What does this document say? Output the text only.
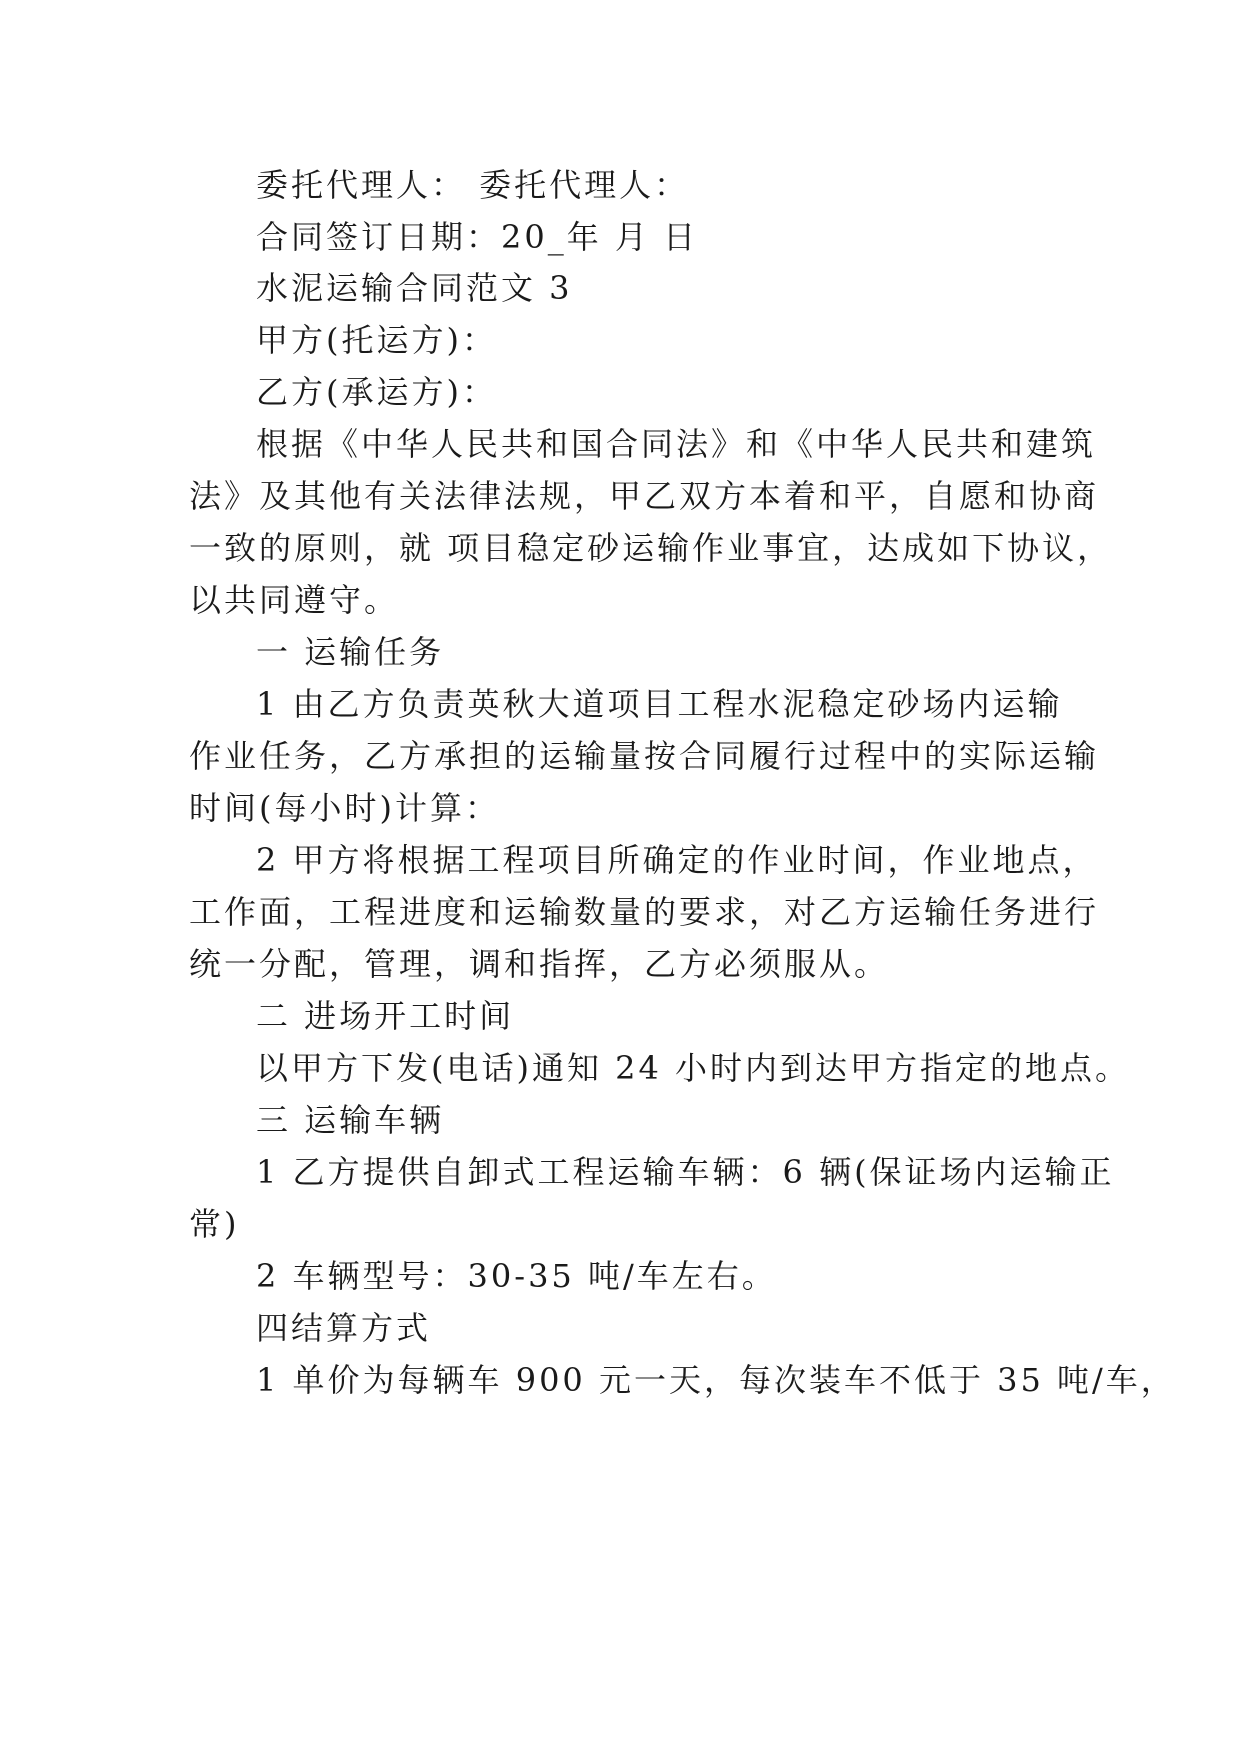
委托代理人： 委托代理人：

合同签订日期：20_年 月 日

水泥运输合同范文 3

甲方(托运方)：

乙方(承运方)：

根据《中华人民共和国合同法》和《中华人民共和建筑

法》及其他有关法律法规，甲乙双方本着和平，自愿和协商

一致的原则，就 项目稳定砂运输作业事宜，达成如下协议，

以共同遵守。

一 运输任务

1 由乙方负责英秋大道项目工程水泥稳定砂场内运输

作业任务，乙方承担的运输量按合同履行过程中的实际运输

时间(每小时)计算：

2 甲方将根据工程项目所确定的作业时间，作业地点，

工作面，工程进度和运输数量的要求，对乙方运输任务进行

统一分配，管理，调和指挥，乙方必须服从。

二 进场开工时间

以甲方下发(电话)通知 24 小时内到达甲方指定的地点。

三 运输车辆

1 乙方提供自卸式工程运输车辆：6 辆(保证场内运输正

常)

2 车辆型号：30-35 吨/车左右。

四结算方式

1 单价为每辆车 900 元一天，每次装车不低于 35 吨/车，
